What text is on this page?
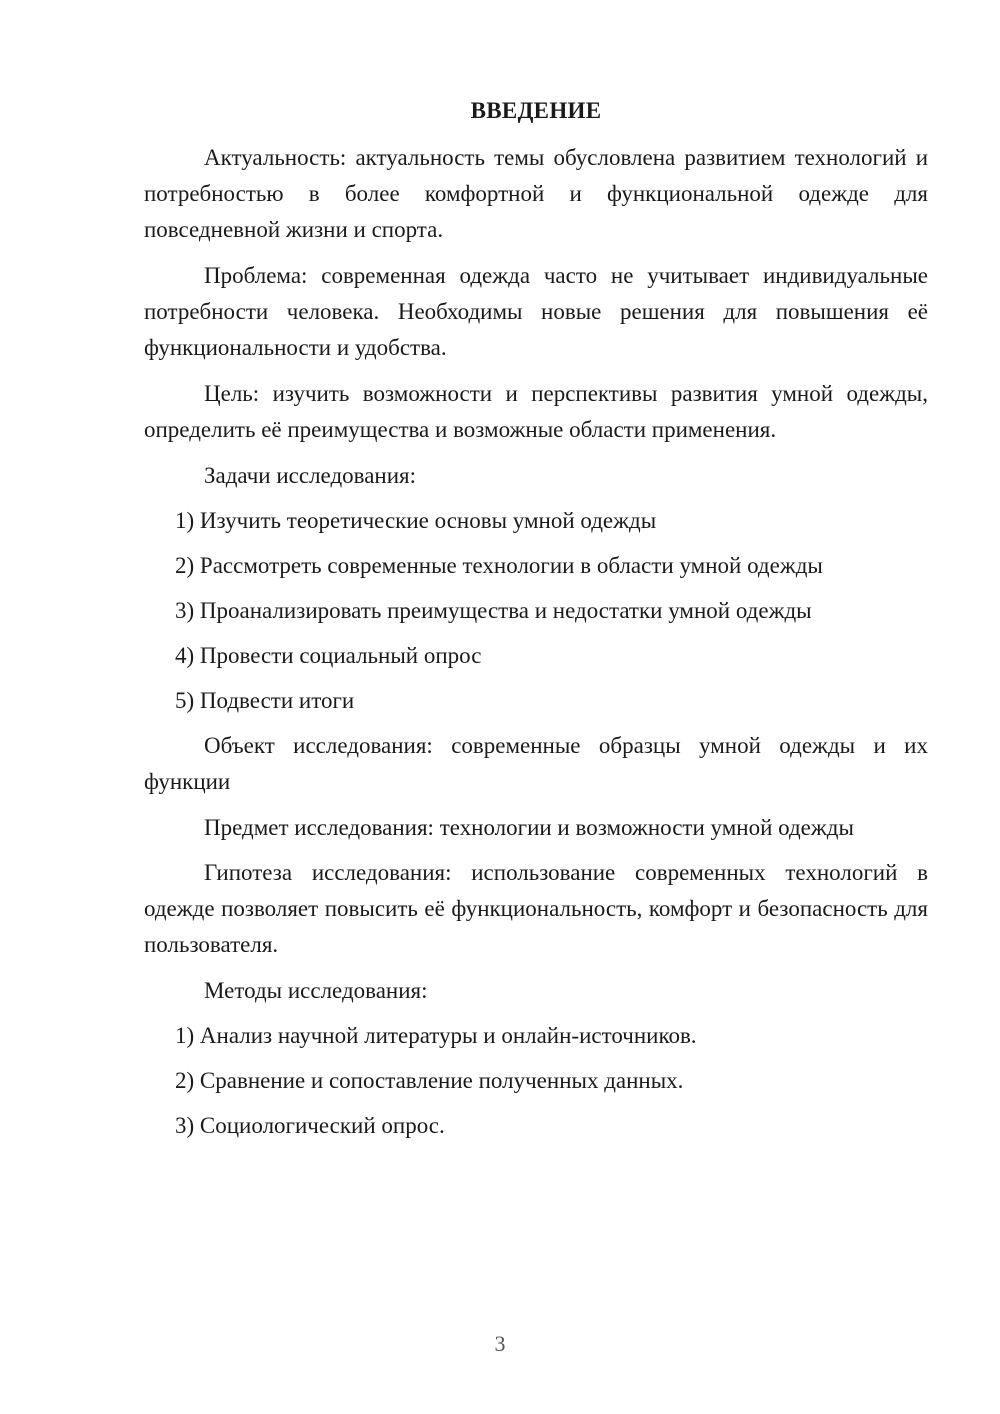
ВВЕДЕНИЕ

Актуальность: актуальность темы обусловлена развитием технологий и потребностью в более комфортной и функциональной одежде для повседневной жизни и спорта.

Проблема: современная одежда часто не учитывает индивидуальные потребности человека. Необходимы новые решения для повышения её функциональности и удобства.

Цель: изучить возможности и перспективы развития умной одежды, определить её преимущества и возможные области применения.

Задачи исследования:

1) Изучить теоретические основы умной одежды
2) Рассмотреть современные технологии в области умной одежды
3) Проанализировать преимущества и недостатки умной одежды
4) Провести социальный опрос
5) Подвести итоги

Объект исследования: современные образцы умной одежды и их функции

Предмет исследования: технологии и возможности умной одежды

Гипотеза исследования: использование современных технологий в одежде позволяет повысить её функциональность, комфорт и безопасность для пользователя.

Методы исследования:

1) Анализ научной литературы и онлайн-источников.
2) Сравнение и сопоставление полученных данных.
3) Социологический опрос.
3
